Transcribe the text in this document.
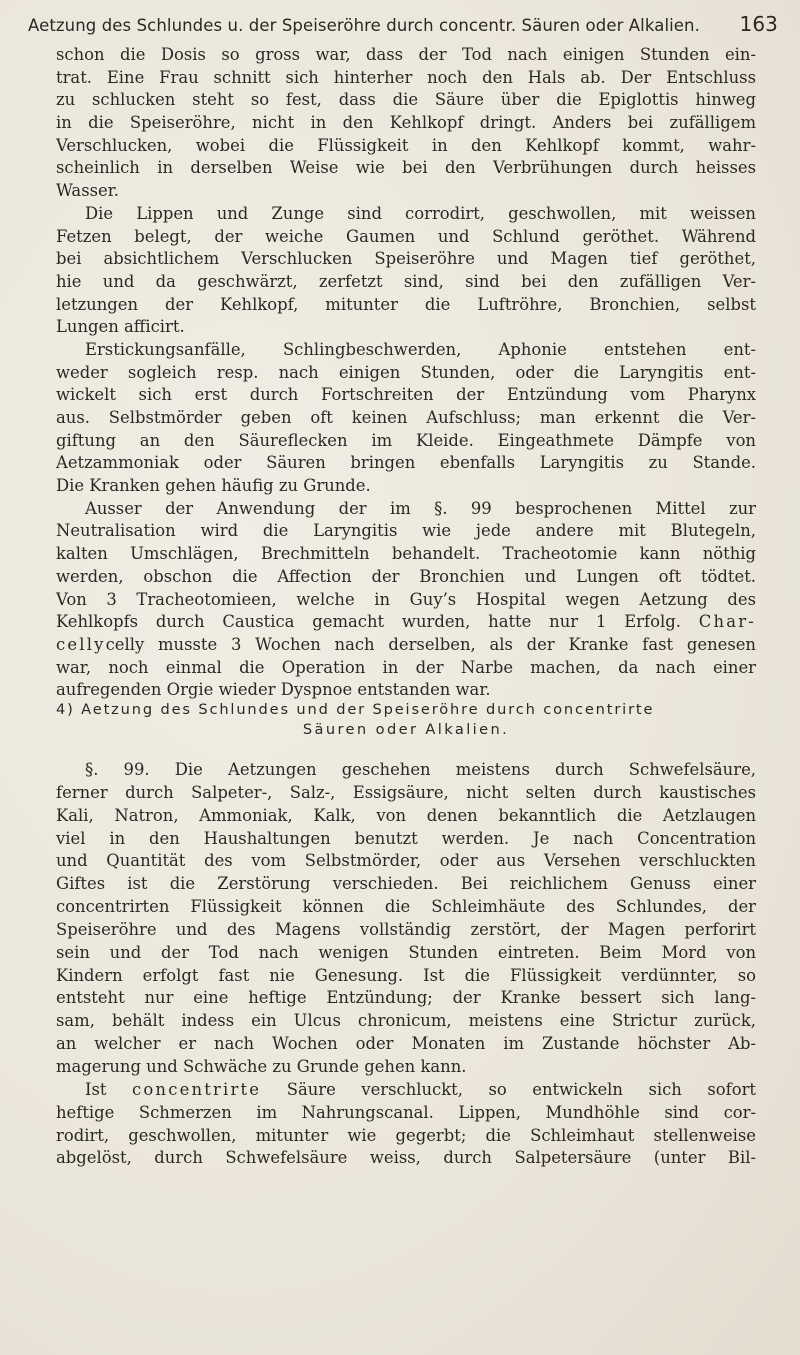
Aetzung des Schlundes u. der Speiseröhre durch concentr. Säuren oder Alkalien. 163
schon die Dosis so gross war, dass der Tod nach einigen Stunden ein-
trat. Eine Frau schnitt sich hinterher noch den Hals ab. Der Entschluss
zu schlucken steht so fest, dass die Säure über die Epiglottis hinweg
in die Speiseröhre, nicht in den Kehlkopf dringt. Anders bei zufälligem
Verschlucken, wobei die Flüssigkeit in den Kehlkopf kommt, wahr-
scheinlich in derselben Weise wie bei den Verbrühungen durch heisses
Wasser.
Die Lippen und Zunge sind corrodirt, geschwollen, mit weissen
Fetzen belegt, der weiche Gaumen und Schlund geröthet. Während
bei absichtlichem Verschlucken Speiseröhre und Magen tief geröthet,
hie und da geschwärzt, zerfetzt sind, sind bei den zufälligen Ver-
letzungen der Kehlkopf, mitunter die Luftröhre, Bronchien, selbst
Lungen afficirt.
Erstickungsanfälle, Schlingbeschwerden, Aphonie entstehen ent-
weder sogleich resp. nach einigen Stunden, oder die Laryngitis ent-
wickelt sich erst durch Fortschreiten der Entzündung vom Pharynx
aus. Selbstmörder geben oft keinen Aufschluss; man erkennt die Ver-
giftung an den Säureflecken im Kleide. Eingeathmete Dämpfe von
Aetzammoniak oder Säuren bringen ebenfalls Laryngitis zu Stande.
Die Kranken gehen häufig zu Grunde.
Ausser der Anwendung der im §. 99 besprochenen Mittel zur
Neutralisation wird die Laryngitis wie jede andere mit Blutegeln,
kalten Umschlägen, Brechmitteln behandelt. Tracheotomie kann nöthig
werden, obschon die Affection der Bronchien und Lungen oft tödtet.
Von 3 Tracheotomieen, welche in Guy’s Hospital wegen Aetzung des
Kehlkopfs durch Caustica gemacht wurden, hatte nur 1 Erfolg. Char-
cellycelly musste 3 Wochen nach derselben, als der Kranke fast genesen
war, noch einmal die Operation in der Narbe machen, da nach einer
aufregenden Orgie wieder Dyspnoe entstanden war.
4) Aetzung des Schlundes und der Speiseröhre durch concentrirte
Säuren oder Alkalien.
§. 99. Die Aetzungen geschehen meistens durch Schwefelsäure,
ferner durch Salpeter-, Salz-, Essigsäure, nicht selten durch kaustisches
Kali, Natron, Ammoniak, Kalk, von denen bekanntlich die Aetzlaugen
viel in den Haushaltungen benutzt werden. Je nach Concentration
und Quantität des vom Selbstmörder, oder aus Versehen verschluckten
Giftes ist die Zerstörung verschieden. Bei reichlichem Genuss einer
concentrirten Flüssigkeit können die Schleimhäute des Schlundes, der
Speiseröhre und des Magens vollständig zerstört, der Magen perforirt
sein und der Tod nach wenigen Stunden eintreten. Beim Mord von
Kindern erfolgt fast nie Genesung. Ist die Flüssigkeit verdünnter, so
entsteht nur eine heftige Entzündung; der Kranke bessert sich lang-
sam, behält indess ein Ulcus chronicum, meistens eine Strictur zurück,
an welcher er nach Wochen oder Monaten im Zustande höchster Ab-
magerung und Schwäche zu Grunde gehen kann.
Ist concentrirte Säure verschluckt, so entwickeln sich sofort
heftige Schmerzen im Nahrungscanal. Lippen, Mundhöhle sind cor-
rodirt, geschwollen, mitunter wie gegerbt; die Schleimhaut stellenweise
abgelöst, durch Schwefelsäure weiss, durch Salpetersäure (unter Bil-
